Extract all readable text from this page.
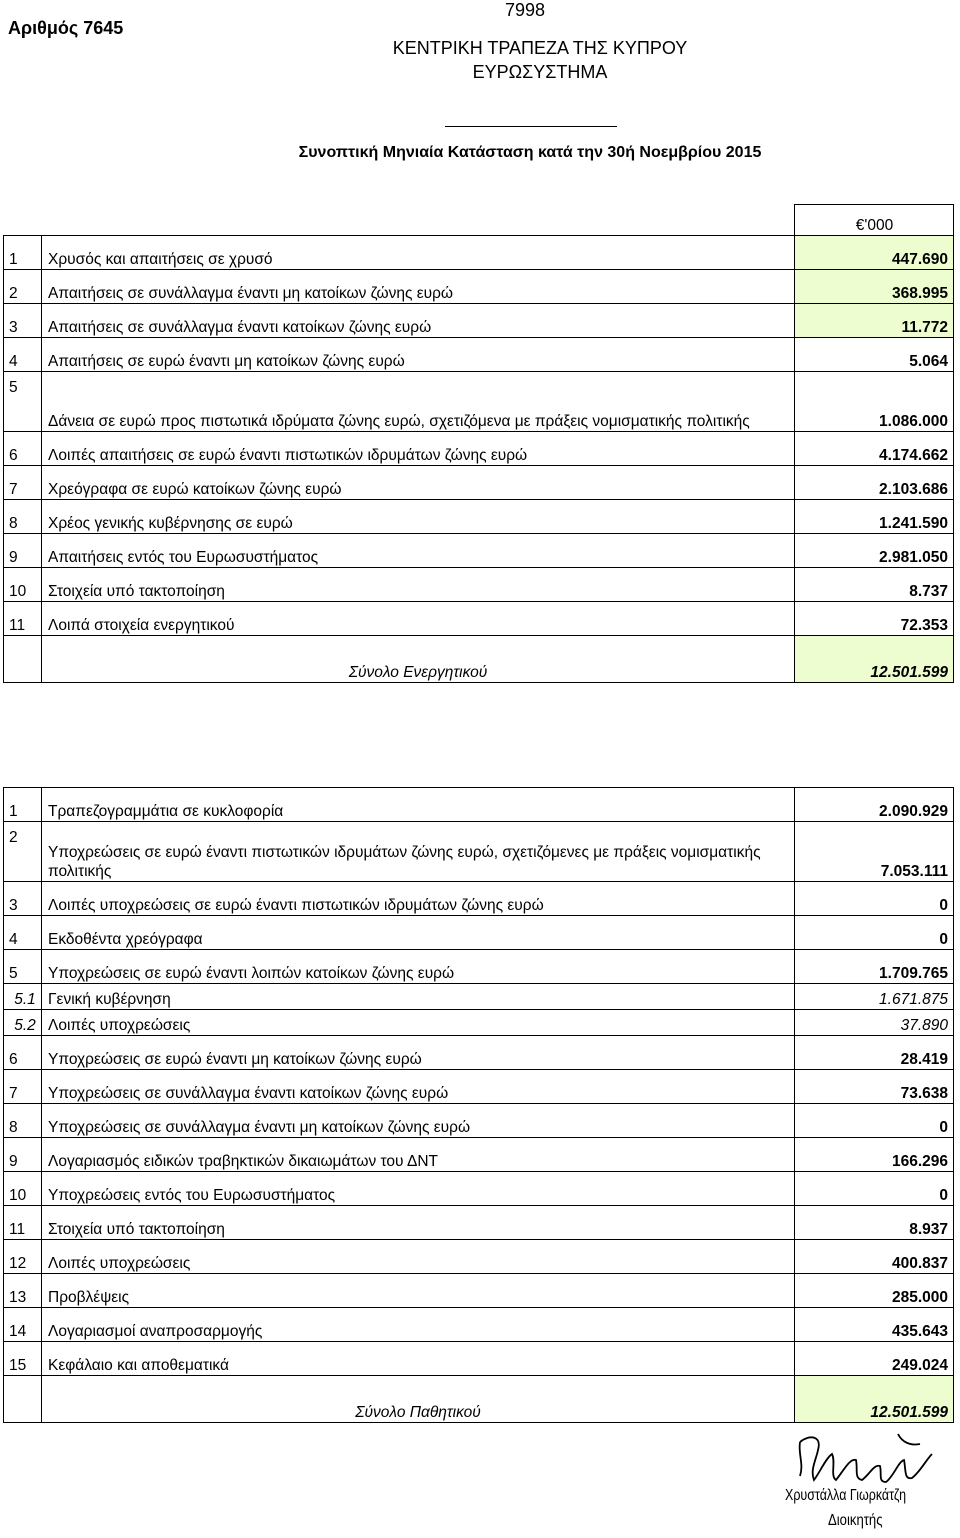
Αριθμός 7645
7998
ΚΕΝΤΡΙΚΗ ΤΡΑΠΕΖΑ ΤΗΣ ΚΥΠΡΟΥ
ΕΥΡΩΣΥΣΤΗΜΑ
Συνοπτική Μηνιαία Κατάσταση κατά την 30ή Νοεμβρίου 2015
		€'000
1	Χρυσός και απαιτήσεις σε χρυσό	447.690
2	Απαιτήσεις σε συνάλλαγμα έναντι μη κατοίκων ζώνης ευρώ	368.995
3	Απαιτήσεις σε συνάλλαγμα έναντι κατοίκων ζώνης ευρώ	11.772
4	Απαιτήσεις σε ευρώ έναντι μη κατοίκων ζώνης ευρώ	5.064
5	Δάνεια σε ευρώ προς πιστωτικά ιδρύματα ζώνης ευρώ, σχετιζόμενα με πράξεις νομισματικής πολιτικής	1.086.000
6	Λοιπές απαιτήσεις σε ευρώ έναντι πιστωτικών ιδρυμάτων ζώνης ευρώ	4.174.662
7	Χρεόγραφα σε ευρώ κατοίκων ζώνης ευρώ	2.103.686
8	Χρέος γενικής κυβέρνησης σε ευρώ	1.241.590
9	Απαιτήσεις εντός του Ευρωσυστήματος	2.981.050
10	Στοιχεία υπό τακτοποίηση	8.737
11	Λοιπά στοιχεία ενεργητικού	72.353
	Σύνολο Ενεργητικού	12.501.599
1	Τραπεζογραμμάτια σε κυκλοφορία	2.090.929
2	Υποχρεώσεις σε ευρώ έναντι πιστωτικών ιδρυμάτων ζώνης ευρώ, σχετιζόμενες με πράξεις νομισματικής πολιτικής	7.053.111
3	Λοιπές υποχρεώσεις σε ευρώ έναντι πιστωτικών ιδρυμάτων ζώνης ευρώ	0
4	Εκδοθέντα χρεόγραφα	0
5	Υποχρεώσεις σε ευρώ έναντι λοιπών κατοίκων ζώνης ευρώ	1.709.765
5.1	Γενική κυβέρνηση	1.671.875
5.2	Λοιπές υποχρεώσεις	37.890
6	Υποχρεώσεις σε ευρώ έναντι μη κατοίκων ζώνης ευρώ	28.419
7	Υποχρεώσεις σε συνάλλαγμα έναντι κατοίκων ζώνης ευρώ	73.638
8	Υποχρεώσεις σε συνάλλαγμα έναντι μη κατοίκων ζώνης ευρώ	0
9	Λογαριασμός ειδικών τραβηκτικών δικαιωμάτων του ΔΝΤ	166.296
10	Υποχρεώσεις εντός του Ευρωσυστήματος	0
11	Στοιχεία υπό τακτοποίηση	8.937
12	Λοιπές υποχρεώσεις	400.837
13	Προβλέψεις	285.000
14	Λογαριασμοί αναπροσαρμογής	435.643
15	Κεφάλαιο και αποθεματικά	249.024
	Σύνολο Παθητικού	12.501.599
Χρυστάλλα Γιωρκάτζη
Διοικητής
